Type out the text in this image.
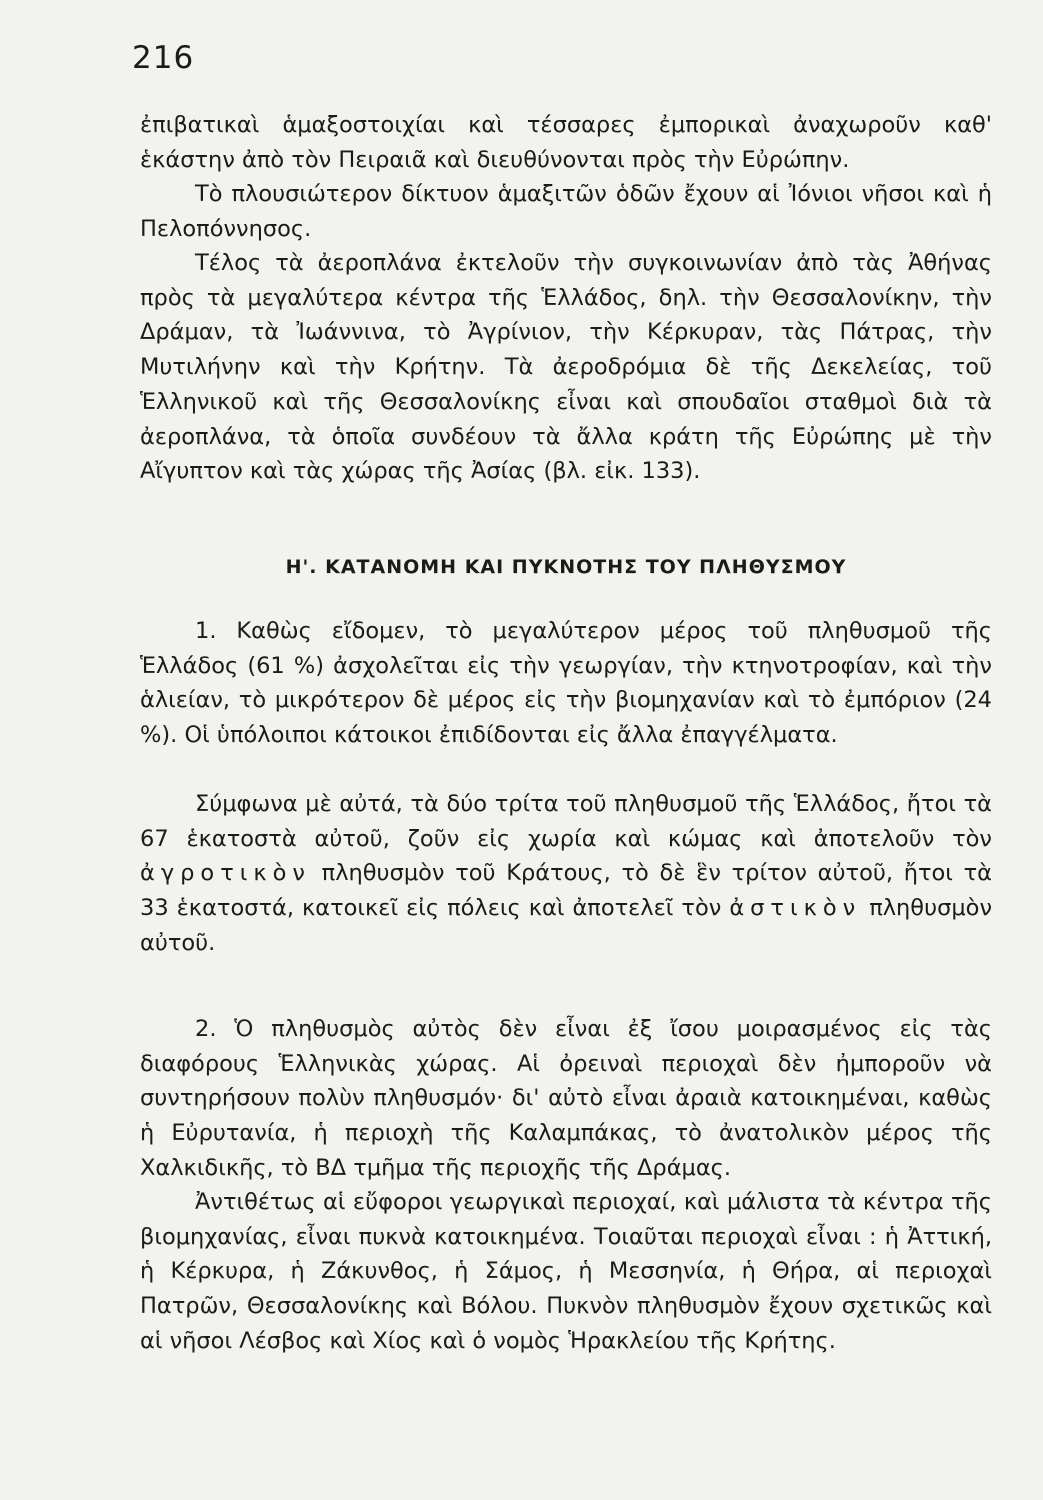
216

ἐπιβατικαὶ ἁμαξοστοιχίαι καὶ τέσσαρες ἐμπορικαὶ ἀναχωροῦν καθ' ἑκάστην ἀπὸ τὸν Πειραιᾶ καὶ διευθύνονται πρὸς τὴν Εὐρώπην.

Τὸ πλουσιώτερον δίκτυον ἁμαξιτῶν ὁδῶν ἔχουν αἱ Ἰόνιοι νῆσοι καὶ ἡ Πελοπόννησος.

Τέλος τὰ ἀεροπλάνα ἐκτελοῦν τὴν συγκοινωνίαν ἀπὸ τὰς Ἀθήνας πρὸς τὰ μεγαλύτερα κέντρα τῆς Ἑλλάδος, δηλ. τὴν Θεσσαλονίκην, τὴν Δράμαν, τὰ Ἰωάννινα, τὸ Ἀγρίνιον, τὴν Κέρκυραν, τὰς Πάτρας, τὴν Μυτιλήνην καὶ τὴν Κρήτην. Τὰ ἀεροδρόμια δὲ τῆς Δεκελείας, τοῦ Ἑλληνικοῦ καὶ τῆς Θεσσαλονίκης εἶναι καὶ σπουδαῖοι σταθμοὶ διὰ τὰ ἀεροπλάνα, τὰ ὁποῖα συνδέουν τὰ ἄλλα κράτη τῆς Εὐρώπης μὲ τὴν Αἴγυπτον καὶ τὰς χώρας τῆς Ἀσίας (βλ. εἰκ. 133).

Η'. ΚΑΤΑΝΟΜΗ ΚΑΙ ΠΥΚΝΟΤΗΣ ΤΟΥ ΠΛΗΘΥΣΜΟΥ

1. Καθὼς εἴδομεν, τὸ μεγαλύτερον μέρος τοῦ πληθυσμοῦ τῆς Ἑλλάδος (61 %) ἀσχολεῖται εἰς τὴν γεωργίαν, τὴν κτηνοτροφίαν, καὶ τὴν ἁλιείαν, τὸ μικρότερον δὲ μέρος εἰς τὴν βιομηχανίαν καὶ τὸ ἐμπόριον (24 %). Οἱ ὑπόλοιποι κάτοικοι ἐπιδίδονται εἰς ἄλλα ἐπαγγέλματα.

Σύμφωνα μὲ αὐτά, τὰ δύο τρίτα τοῦ πληθυσμοῦ τῆς Ἑλλάδος, ἤτοι τὰ 67 ἑκατοστὰ αὐτοῦ, ζοῦν εἰς χωρία καὶ κώμας καὶ ἀποτελοῦν τὸν ἀγροτικὸν πληθυσμὸν τοῦ Κράτους, τὸ δὲ ἓν τρίτον αὐτοῦ, ἤτοι τὰ 33 ἑκατοστά, κατοικεῖ εἰς πόλεις καὶ ἀποτελεῖ τὸν ἀστικὸν πληθυσμὸν αὐτοῦ.

2. Ὁ πληθυσμὸς αὐτὸς δὲν εἶναι ἐξ ἴσου μοιρασμένος εἰς τὰς διαφόρους Ἑλληνικὰς χώρας. Αἱ ὀρειναὶ περιοχαὶ δὲν ἠμποροῦν νὰ συντηρήσουν πολὺν πληθυσμόν· δι' αὐτὸ εἶναι ἀραιὰ κατοικημέναι, καθὼς ἡ Εὐρυτανία, ἡ περιοχὴ τῆς Καλαμπάκας, τὸ ἀνατολικὸν μέρος τῆς Χαλκιδικῆς, τὸ ΒΔ τμῆμα τῆς περιοχῆς τῆς Δράμας.

Ἀντιθέτως αἱ εὔφοροι γεωργικαὶ περιοχαί, καὶ μάλιστα τὰ κέντρα τῆς βιομηχανίας, εἶναι πυκνὰ κατοικημένα. Τοιαῦται περιοχαὶ εἶναι : ἡ Ἀττική, ἡ Κέρκυρα, ἡ Ζάκυνθος, ἡ Σάμος, ἡ Μεσσηνία, ἡ Θήρα, αἱ περιοχαὶ Πατρῶν, Θεσσαλονίκης καὶ Βόλου. Πυκνὸν πληθυσμὸν ἔχουν σχετικῶς καὶ αἱ νῆσοι Λέσβος καὶ Χίος καὶ ὁ νομὸς Ἡρακλείου τῆς Κρήτης.
